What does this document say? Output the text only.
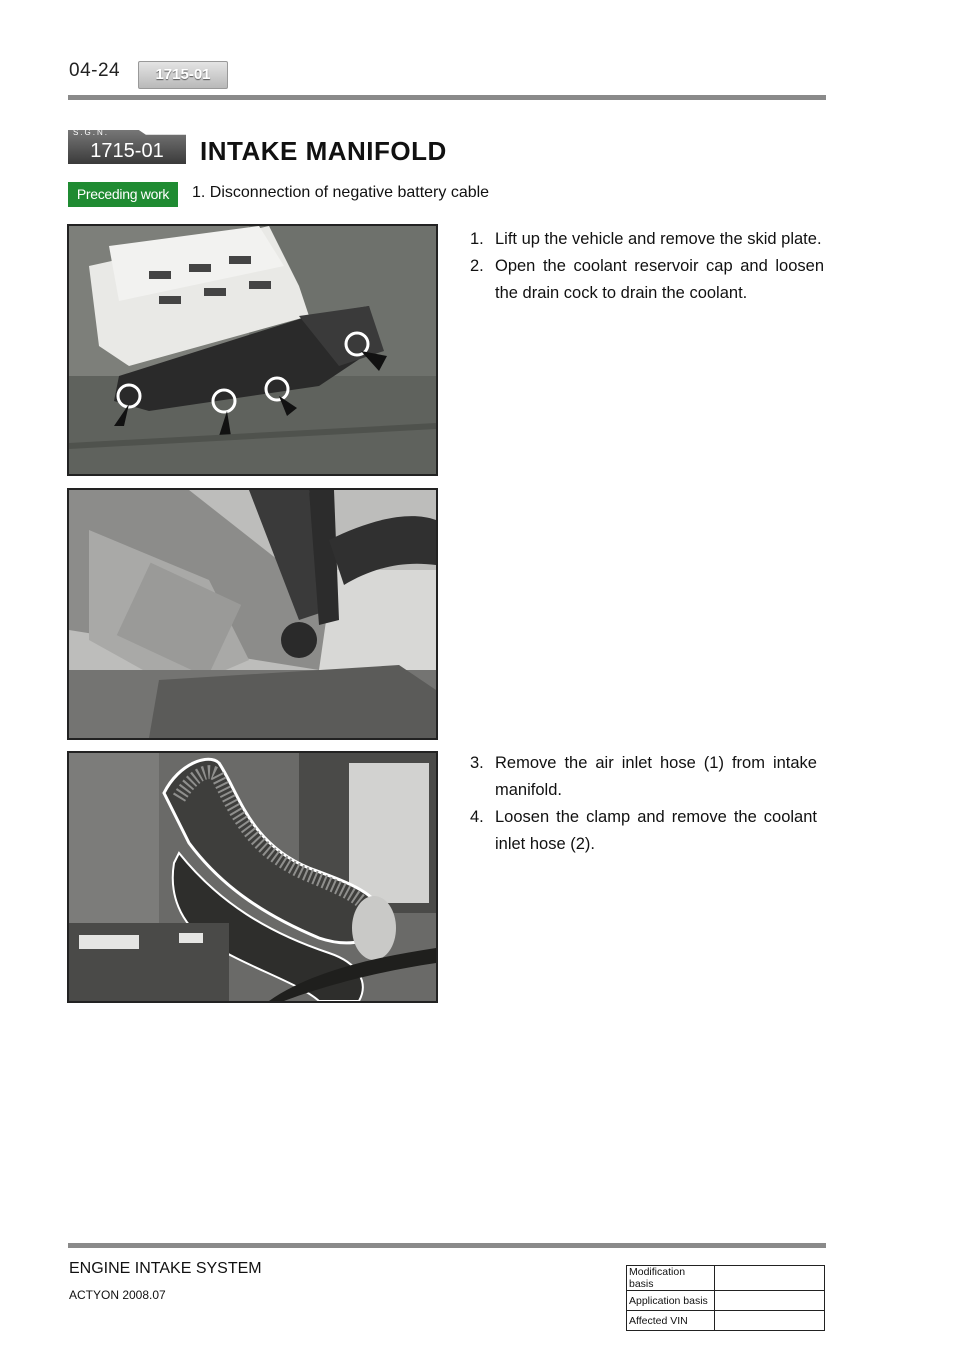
04-24	1715-01
S.G.N.
1715-01	INTAKE MANIFOLD
Preceding work	1. Disconnection of negative battery cable
1. Lift up the vehicle and remove the skid plate.
2. Open the coolant reservoir cap and loosen the drain cock to drain the coolant.
3. Remove the air inlet hose (1) from intake manifold.
4. Loosen the clamp and remove the coolant inlet hose (2).
ENGINE INTAKE SYSTEM
ACTYON 2008.07
Modification basis	
Application basis	
Affected VIN	
